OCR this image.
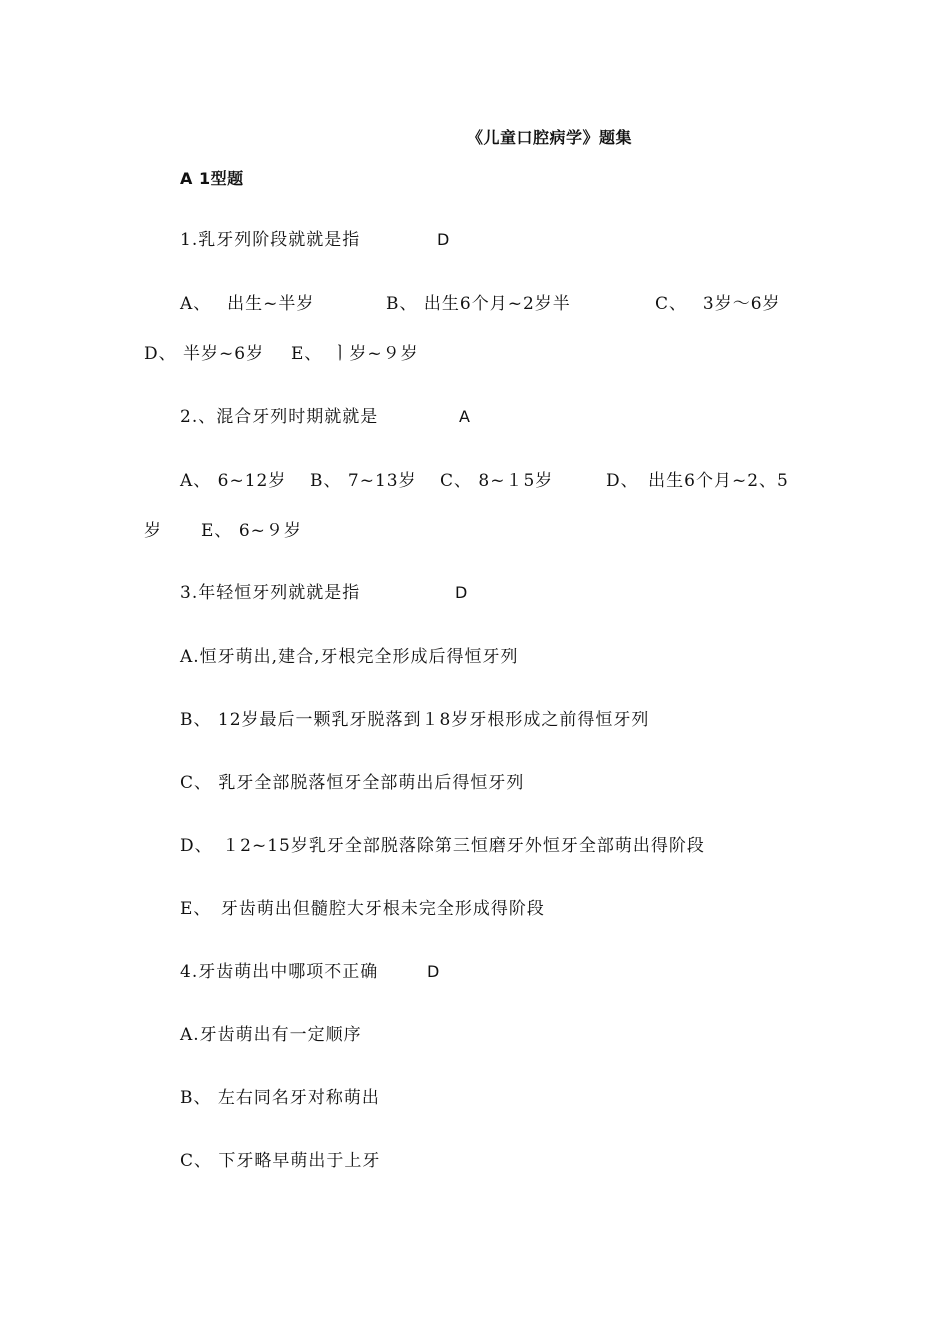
《儿童口腔病学》题集
A 1型题
1.乳牙列阶段就就是指	D
A、　 出生~半岁	B、 出生6个月~2岁半	C、　 3岁～6岁
D、 半岁~6岁 E、　ㅣ岁~９岁
2.、混合牙列时期就就是	A
A、 6~12岁 B、 7~13岁 C、 8~１5岁	D、　出生6个月~2、5
岁 E、 6~９岁
3.年轻恒牙列就就是指	D
A.恒牙萌出,建合,牙根完全形成后得恒牙列
B、 12岁最后一颗乳牙脱落到１8岁牙根形成之前得恒牙列
C、 乳牙全部脱落恒牙全部萌出后得恒牙列
D、　１2~15岁乳牙全部脱落除第三恒磨牙外恒牙全部萌出得阶段
E、　牙齿萌出但髓腔大牙根未完全形成得阶段
4.牙齿萌出中哪项不正确	D
A.牙齿萌出有一定顺序
B、 左右同名牙对称萌出
C、 下牙略早萌出于上牙
